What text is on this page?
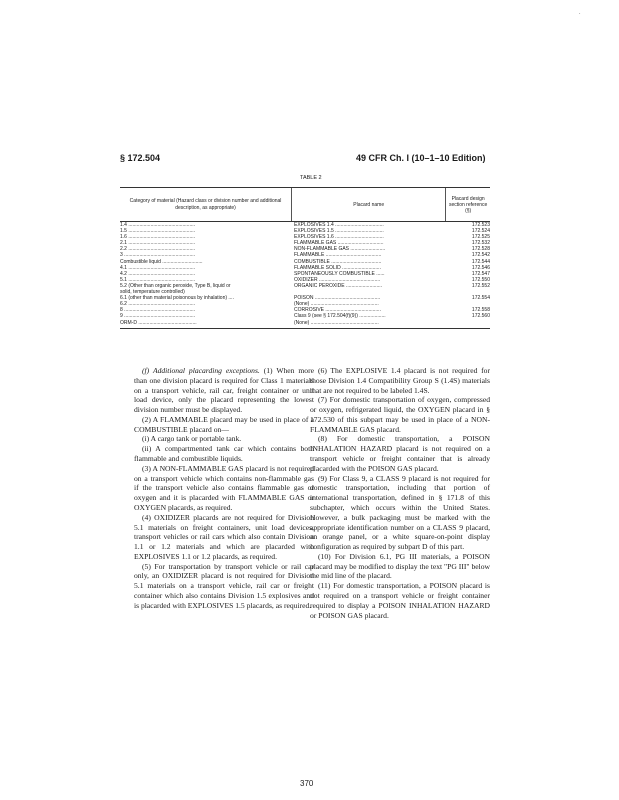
.
§ 172.504	49 CFR Ch. I (10–1–10 Edition)
TABLE 2
Category of material (Hazard class or division number and additional description, as appropriate)	Placard name
Placard design section reference (§)
1.4 ................................................	EXPLOSIVES 1.4 ...................................	172.523
1.5 ................................................	EXPLOSIVES 1.5 ...................................	172.524
1.6 ................................................	EXPLOSIVES 1.6 ...................................	172.525
2.1 ................................................	FLAMMABLE GAS .................................	172.532
2.2 ................................................	NON-FLAMMABLE GAS .........................	172.528
3 ...................................................	FLAMMABLE ........................................	172.542
Combustible liquid .............................	COMBUSTIBLE ....................................	172.544
4.1 ................................................	FLAMMABLE SOLID ............................	172.546
4.2 ................................................	SPONTANEOUSLY COMBUSTIBLE ......	172.547
5.1 ................................................	OXIDIZER ............................................	172.550
5.2 (Other than organic peroxide, Type B, liquid or	ORGANIC PEROXIDE ..........................	172.552
solid, temperature controlled)
6.1 (other than material poisonous by inhalation) ....	POISON ...............................................	172.554
6.2 ................................................	(None) .................................................
8 ...................................................	CORROSIVE ........................................	172.558
9 ...................................................	Class 9 (see § 172.504(f)(9)) ...................	172.560
ORM-D ..........................................	(None) .................................................

(f) Additional placarding exceptions. (1) When more than one division placard is required for Class 1 materials on a transport vehicle, rail car, freight container or unit load device, only the placard representing the lowest division number must be displayed.

(2) A FLAMMABLE placard may be used in place of a COMBUSTIBLE placard on—

(i) A cargo tank or portable tank.

(ii) A compartmented tank car which contains both flammable and combustible liquids.

(3) A NON-FLAMMABLE GAS placard is not required on a transport vehicle which contains non-flammable gas if the transport vehicle also contains flammable gas or oxygen and it is placarded with FLAMMABLE GAS or OXYGEN placards, as required.

(4) OXIDIZER placards are not required for Division 5.1 materials on freight containers, unit load devices, transport vehicles or rail cars which also contain Division 1.1 or 1.2 materials and which are placarded with EXPLOSIVES 1.1 or 1.2 placards, as required.

(5) For transportation by transport vehicle or rail car only, an OXIDIZER placard is not required for Division 5.1 materials on a transport vehicle, rail car or freight container which also contains Division 1.5 explosives and is placarded with EXPLOSIVES 1.5 placards, as required.

(6) The EXPLOSIVE 1.4 placard is not required for those Division 1.4 Compatibility Group S (1.4S) materials that are not required to be labeled 1.4S.

(7) For domestic transportation of oxygen, compressed or oxygen, refrigerated liquid, the OXYGEN placard in § 172.530 of this subpart may be used in place of a NON-FLAMMABLE GAS placard.

(8) For domestic transportation, a POISON INHALATION HAZARD placard is not required on a transport vehicle or freight container that is already placarded with the POISON GAS placard.

(9) For Class 9, a CLASS 9 placard is not required for domestic transportation, including that portion of international transportation, defined in § 171.8 of this subchapter, which occurs within the United States. However, a bulk packaging must be marked with the appropriate identification number on a CLASS 9 placard, an orange panel, or a white square-on-point display configuration as required by subpart D of this part.

(10) For Division 6.1, PG III materials, a POISON placard may be modified to display the text "PG III" below the mid line of the placard.

(11) For domestic transportation, a POISON placard is not required on a transport vehicle or freight container required to display a POISON INHALATION HAZARD or POISON GAS placard.

370
